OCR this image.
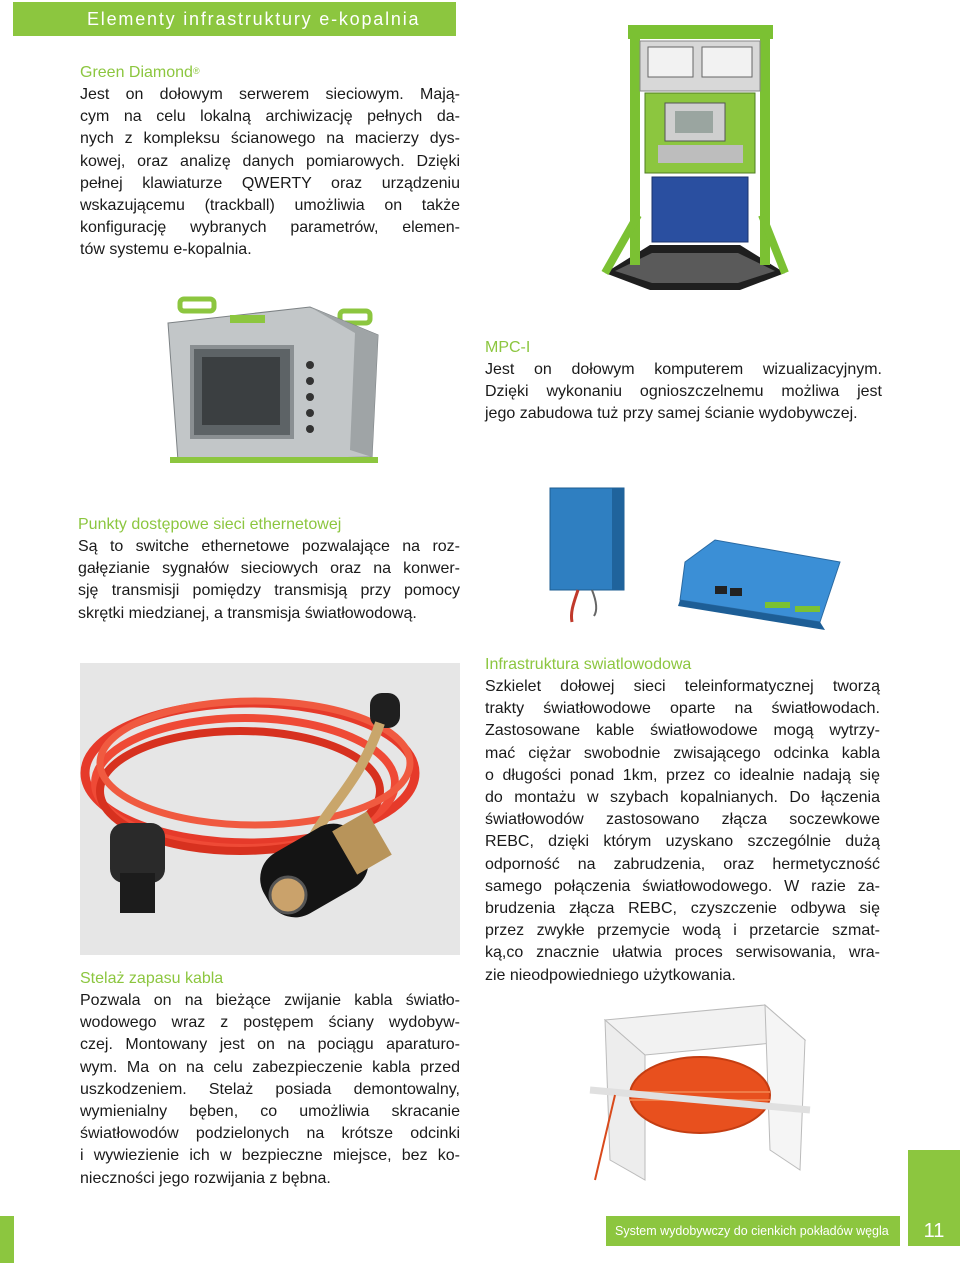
Elementy infrastruktury e-kopalnia
Green Diamond®
Jest on dołowym serwerem sieciowym. Mają-
cym na celu lokalną archiwizację pełnych da-
nych z kompleksu ścianowego na macierzy dys-
kowej, oraz analizę danych pomiarowych. Dzięki
pełnej klawiaturze QWERTY oraz urządzeniu
wskazującemu (trackball) umożliwia on także
konfigurację wybranych parametrów, elemen-
tów systemu e-kopalnia.
MPC-I
Jest on dołowym komputerem wizualizacyjnym.
Dzięki wykonaniu ognioszczelnemu możliwa jest
jego zabudowa tuż przy samej ścianie wydobywczej.
Punkty dostępowe sieci ethernetowej
Są to switche ethernetowe pozwalające na roz-
gałęzianie sygnałów sieciowych oraz na konwer-
sję transmisji pomiędzy transmisją przy pomocy
skrętki miedzianej, a transmisja światłowodową.
Infrastruktura swiatlowodowa
Szkielet dołowej sieci teleinformatycznej tworzą
trakty światłowodowe oparte na światłowodach.
Zastosowane kable światłowodowe mogą wytrzy-
mać ciężar swobodnie zwisającego odcinka kabla
o długości ponad 1km, przez co idealnie nadają się
do montażu w szybach kopalnianych. Do łączenia
światłowodów zastosowano złącza soczewkowe
REBC, dzięki którym uzyskano szczególnie dużą
odporność na zabrudzenia, oraz hermetyczność
samego połączenia światłowodowego. W razie za-
brudzenia złącza REBC, czyszczenie odbywa się
przez zwykłe przemycie wodą i przetarcie szmat-
ką,co znacznie ułatwia proces serwisowania, wra-
zie nieodpowiedniego użytkowania.
Stelaż zapasu kabla
Pozwala on na bieżące zwijanie kabla światło-
wodowego wraz z postępem ściany wydobyw-
czej. Montowany jest on na pociągu aparaturo-
wym. Ma on na celu zabezpieczenie kabla przed
uszkodzeniem. Stelaż posiada demontowalny,
wymienialny bęben, co umożliwia skracanie
światłowodów podzielonych na krótsze odcinki
i wywiezienie ich w bezpieczne miejsce, bez ko-
nieczności jego rozwijania z bębna.
System wydobywczy do cienkich pokładów węgla	11
